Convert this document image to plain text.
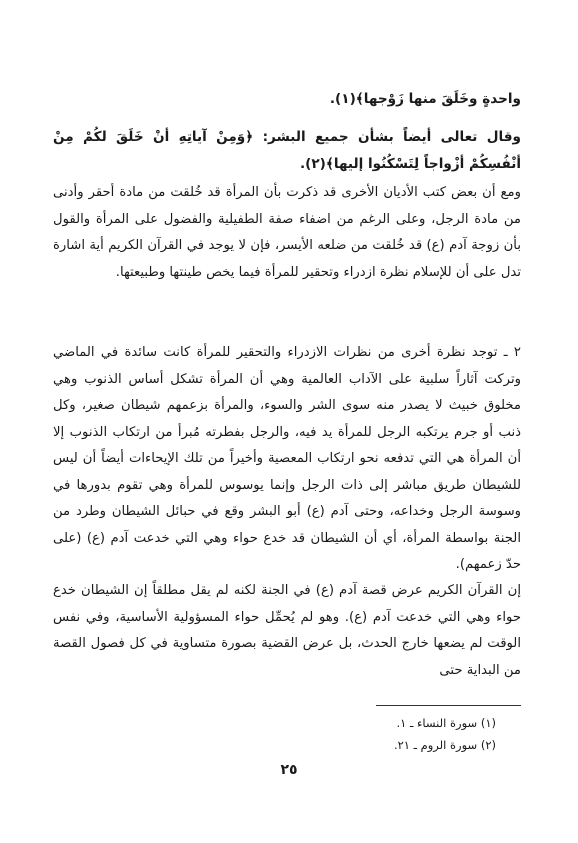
واحدةٍ وخَلَقَ منها زَوْجها﴾(١).

وقال تعالى أيضاً بشأن جميع البشر: ﴿وَمِنْ آياتِهِ أنْ خَلَقَ لكُمْ مِنْ أنْفُسِكُمْ أزْواجاً لِتَسْكُنُوا إليها﴾(٢).

ومع أن بعض كتب الأديان الأخرى قد ذكرت بأن المرأة قد خُلقت من مادة أحقر وأدنى من مادة الرجل، وعلى الرغم من اضفاء صفة الطفيلية والفضول على المرأة والقول بأن زوجة آدم (ع) قد خُلقت من ضلعه الأيسر، فإن لا يوجد في القرآن الكريم أية اشارة تدل على أن للإسلام نظرة ازدراء وتحقير للمرأة فيما يخص طينتها وطبيعتها.

٢ ـ توجد نظرة أخرى من نظرات الازدراء والتحقير للمرأة كانت سائدة في الماضي وتركت آثاراً سلبية على الآداب العالمية وهي أن المرأة تشكل أساس الذنوب وهي مخلوق خبيث لا يصدر منه سوى الشر والسوء، والمرأة بزعمهم شيطان صغير، وكل ذنب أو جرم يرتكبه الرجل للمرأة يد فيه، والرجل بفطرته مُبرأ من ارتكاب الذنوب إلا أن المرأة هي التي تدفعه نحو ارتكاب المعصية وأخيراً من تلك الإيحاءات أيضاً أن ليس للشيطان طريق مباشر إلى ذات الرجل وإنما يوسوس للمرأة وهي تقوم بدورها في وسوسة الرجل وخداعه، وحتى آدم (ع) أبو البشر وقع في حبائل الشيطان وطرد من الجنة بواسطة المرأة، أي أن الشيطان قد خدع حواء وهي التي خدعت آدم (ع) (على حدّ زعمهم).

إن القرآن الكريم عرض قصة آدم (ع) في الجنة لكنه لم يقل مطلقاً إن الشيطان خدع حواء وهي التي خدعت آدم (ع). وهو لم يُحمِّل حواء المسؤولية الأساسية، وفي نفس الوقت لم يضعها خارج الحدث، بل عرض القضية بصورة متساوية في كل فصول القصة من البداية حتى

(١) سورة النساء ـ ١.

(٢) سورة الروم ـ ٢١.

٢٥
